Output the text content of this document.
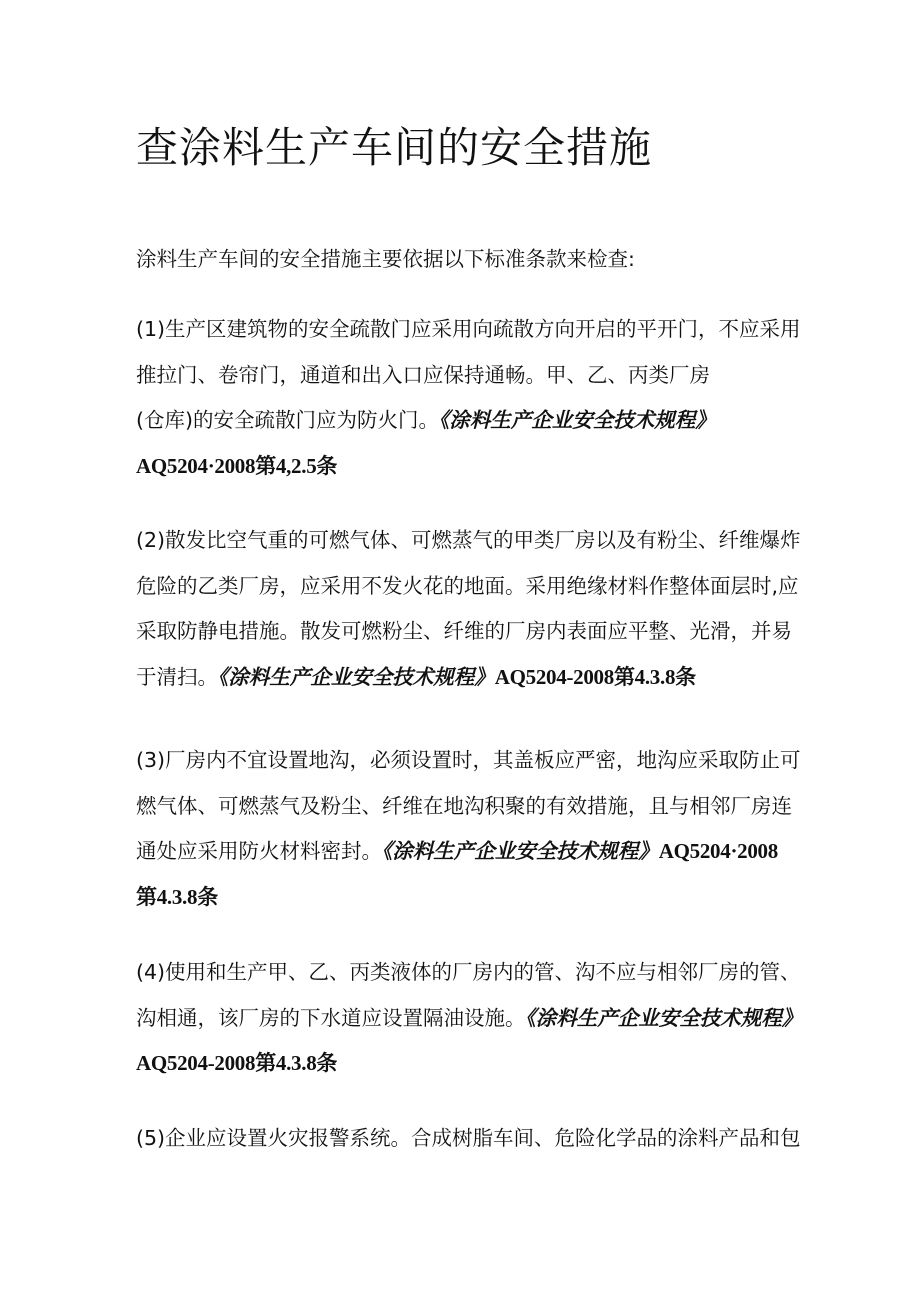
查涂料生产车间的安全措施

涂料生产车间的安全措施主要依据以下标准条款来检查:

(1)生产区建筑物的安全疏散门应采用向疏散方向开启的平开门，不应采用
推拉门、卷帘门，通道和出入口应保持通畅。甲、乙、丙类厂房
(仓库)的安全疏散门应为防火门。《涂料生产企业安全技术规程》
AQ5204·2008第4,2.5条

(2)散发比空气重的可燃气体、可燃蒸气的甲类厂房以及有粉尘、纤维爆炸
危险的乙类厂房，应采用不发火花的地面。采用绝缘材料作整体面层时,应
采取防静电措施。散发可燃粉尘、纤维的厂房内表面应平整、光滑，并易
于清扫。《涂料生产企业安全技术规程》AQ5204-2008第4.3.8条

(3)厂房内不宜设置地沟，必须设置时，其盖板应严密，地沟应采取防止可
燃气体、可燃蒸气及粉尘、纤维在地沟积聚的有效措施，且与相邻厂房连
通处应采用防火材料密封。《涂料生产企业安全技术规程》AQ5204·2008
第4.3.8条

(4)使用和生产甲、乙、丙类液体的厂房内的管、沟不应与相邻厂房的管、
沟相通，该厂房的下水道应设置隔油设施。《涂料生产企业安全技术规程》
AQ5204-2008第4.3.8条

(5)企业应设置火灾报警系统。合成树脂车间、危险化学品的涂料产品和包
